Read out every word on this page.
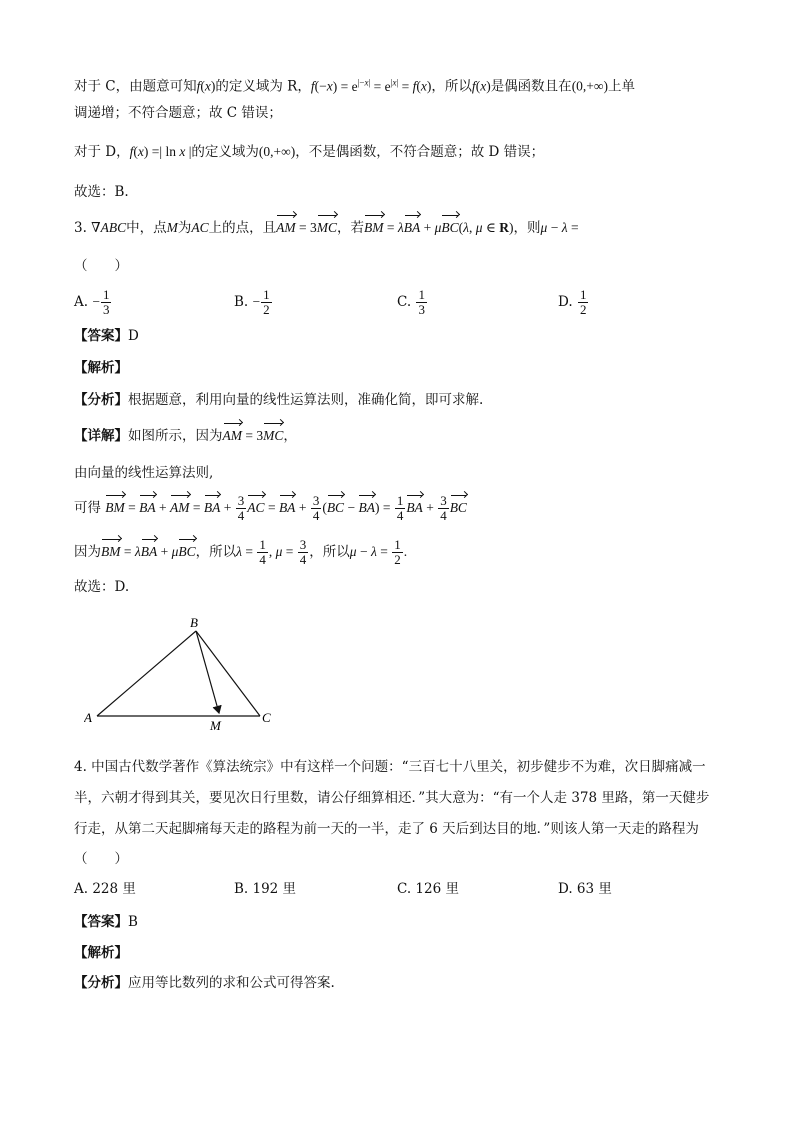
对于 C，由题意可知f(x)的定义域为 R，$f(-x) = e^{|-x|} = e^{|x|} = f(x)$，所以f(x)是偶函数且在(0,+∞)上单
调递增；不符合题意；故 C 错误；
对于 D，f(x) =| ln x |的定义域为(0,+∞)，不是偶函数，不符合题意；故 D 错误；
故选：B.
3. ∇ABC中，点M为AC上的点，且AM = 3MC，若BM = λBA + μBC(λ, μ ∈ R)，则μ − λ =
（　　）
A. − $\frac{1}{3}$	B. − $\frac{1}{2}$	C. $\frac{1}{3}$	D. $\frac{1}{2}$
【答案】D
【解析】
【分析】根据题意，利用向量的线性运算法则，准确化简，即可求解.
【详解】如图所示，因为AM = 3MC，
由向量的线性运算法则,
可得 BM = BA + AM = BA + $\frac{3}{4}$ AC = BA + $\frac{3}{4} (BC - BA) = \frac{1}{4}$ BA + $\frac{3}{4}$ BC
因为BM = λBA + μBC，所以$\lambda = \frac{1}{4}$ , $\mu = \frac{3}{4}$ ，所以$\mu - \lambda = \frac{1}{2}$ .
故选：D.
B
A	C
M
4. 中国古代数学著作《算法统宗》中有这样一个问题：“三百七十八里关，初步健步不为难，次日脚痛减一
半，六朝才得到其关，要见次日行里数，请公仔细算相还．”其大意为：“有一个人走 378 里路，第一天健步
行走，从第二天起脚痛每天走的路程为前一天的一半，走了 6 天后到达目的地．”则该人第一天走的路程为
（　　）
A. 228 里	B. 192 里	C. 126 里	D. 63 里
【答案】B
【解析】
【分析】应用等比数列的求和公式可得答案.
